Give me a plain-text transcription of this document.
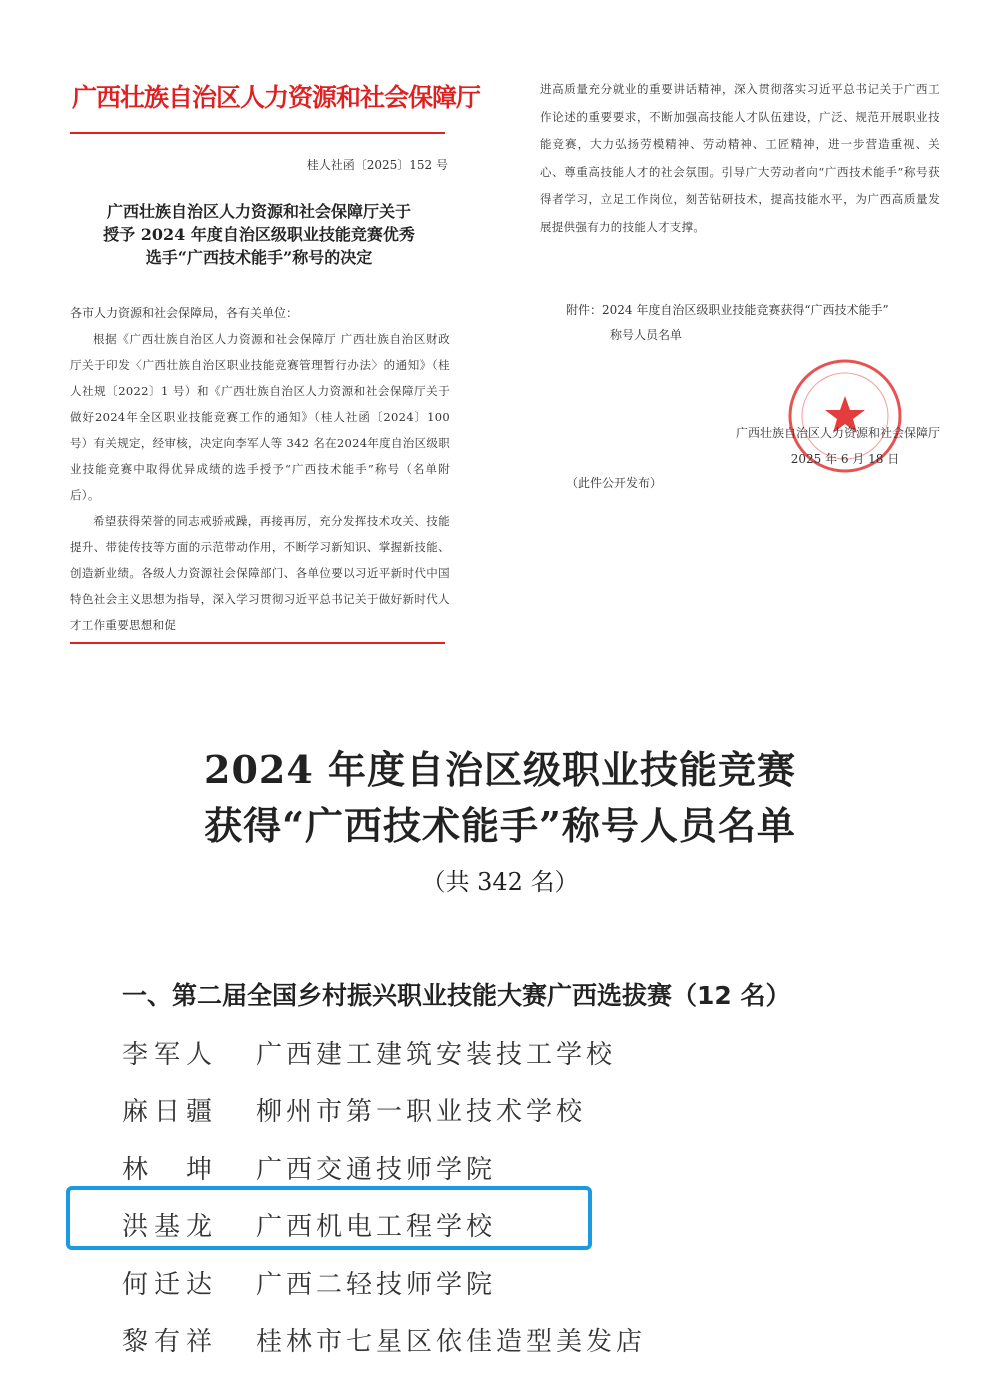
广西壮族自治区人力资源和社会保障厅
桂人社函〔2025〕152 号
广西壮族自治区人力资源和社会保障厅关于
授予 2024 年度自治区级职业技能竞赛优秀
选手“广西技术能手”称号的决定
各市人力资源和社会保障局，各有关单位：
根据《广西壮族自治区人力资源和社会保障厅 广西壮族自治区财政厅关于印发〈广西壮族自治区职业技能竞赛管理暂行办法〉的通知》（桂人社规〔2022〕1 号）和《广西壮族自治区人力资源和社会保障厅关于做好2024年全区职业技能竞赛工作的通知》（桂人社函〔2024〕100 号）有关规定，经审核，决定向李军人等 342 名在2024年度自治区级职业技能竞赛中取得优异成绩的选手授予“广西技术能手”称号（名单附后）。
希望获得荣誉的同志戒骄戒躁，再接再厉，充分发挥技术攻关、技能提升、带徒传技等方面的示范带动作用，不断学习新知识、掌握新技能、创造新业绩。各级人力资源社会保障部门、各单位要以习近平新时代中国特色社会主义思想为指导，深入学习贯彻习近平总书记关于做好新时代人才工作重要思想和促
进高质量充分就业的重要讲话精神，深入贯彻落实习近平总书记关于广西工作论述的重要要求，不断加强高技能人才队伍建设，广泛、规范开展职业技能竞赛，大力弘扬劳模精神、劳动精神、工匠精神，进一步营造重视、关心、尊重高技能人才的社会氛围。引导广大劳动者向“广西技术能手”称号获得者学习，立足工作岗位，刻苦钻研技术，提高技能水平，为广西高质量发展提供强有力的技能人才支撑。
附件：2024 年度自治区级职业技能竞赛获得“广西技术能手”
称号人员名单
广西壮族自治区人力资源和社会保障厅
2025 年 6 月 18 日
（此件公开发布）
2024 年度自治区级职业技能竞赛
获得“广西技术能手”称号人员名单
（共 342 名）
一、第二届全国乡村振兴职业技能大赛广西选拔赛（12 名）
李军人 广西建工建筑安装技工学校
麻日疆 柳州市第一职业技术学校
林　坤 广西交通技师学院
洪基龙 广西机电工程学校
何迁达 广西二轻技师学院
黎有祥 桂林市七星区依佳造型美发店
